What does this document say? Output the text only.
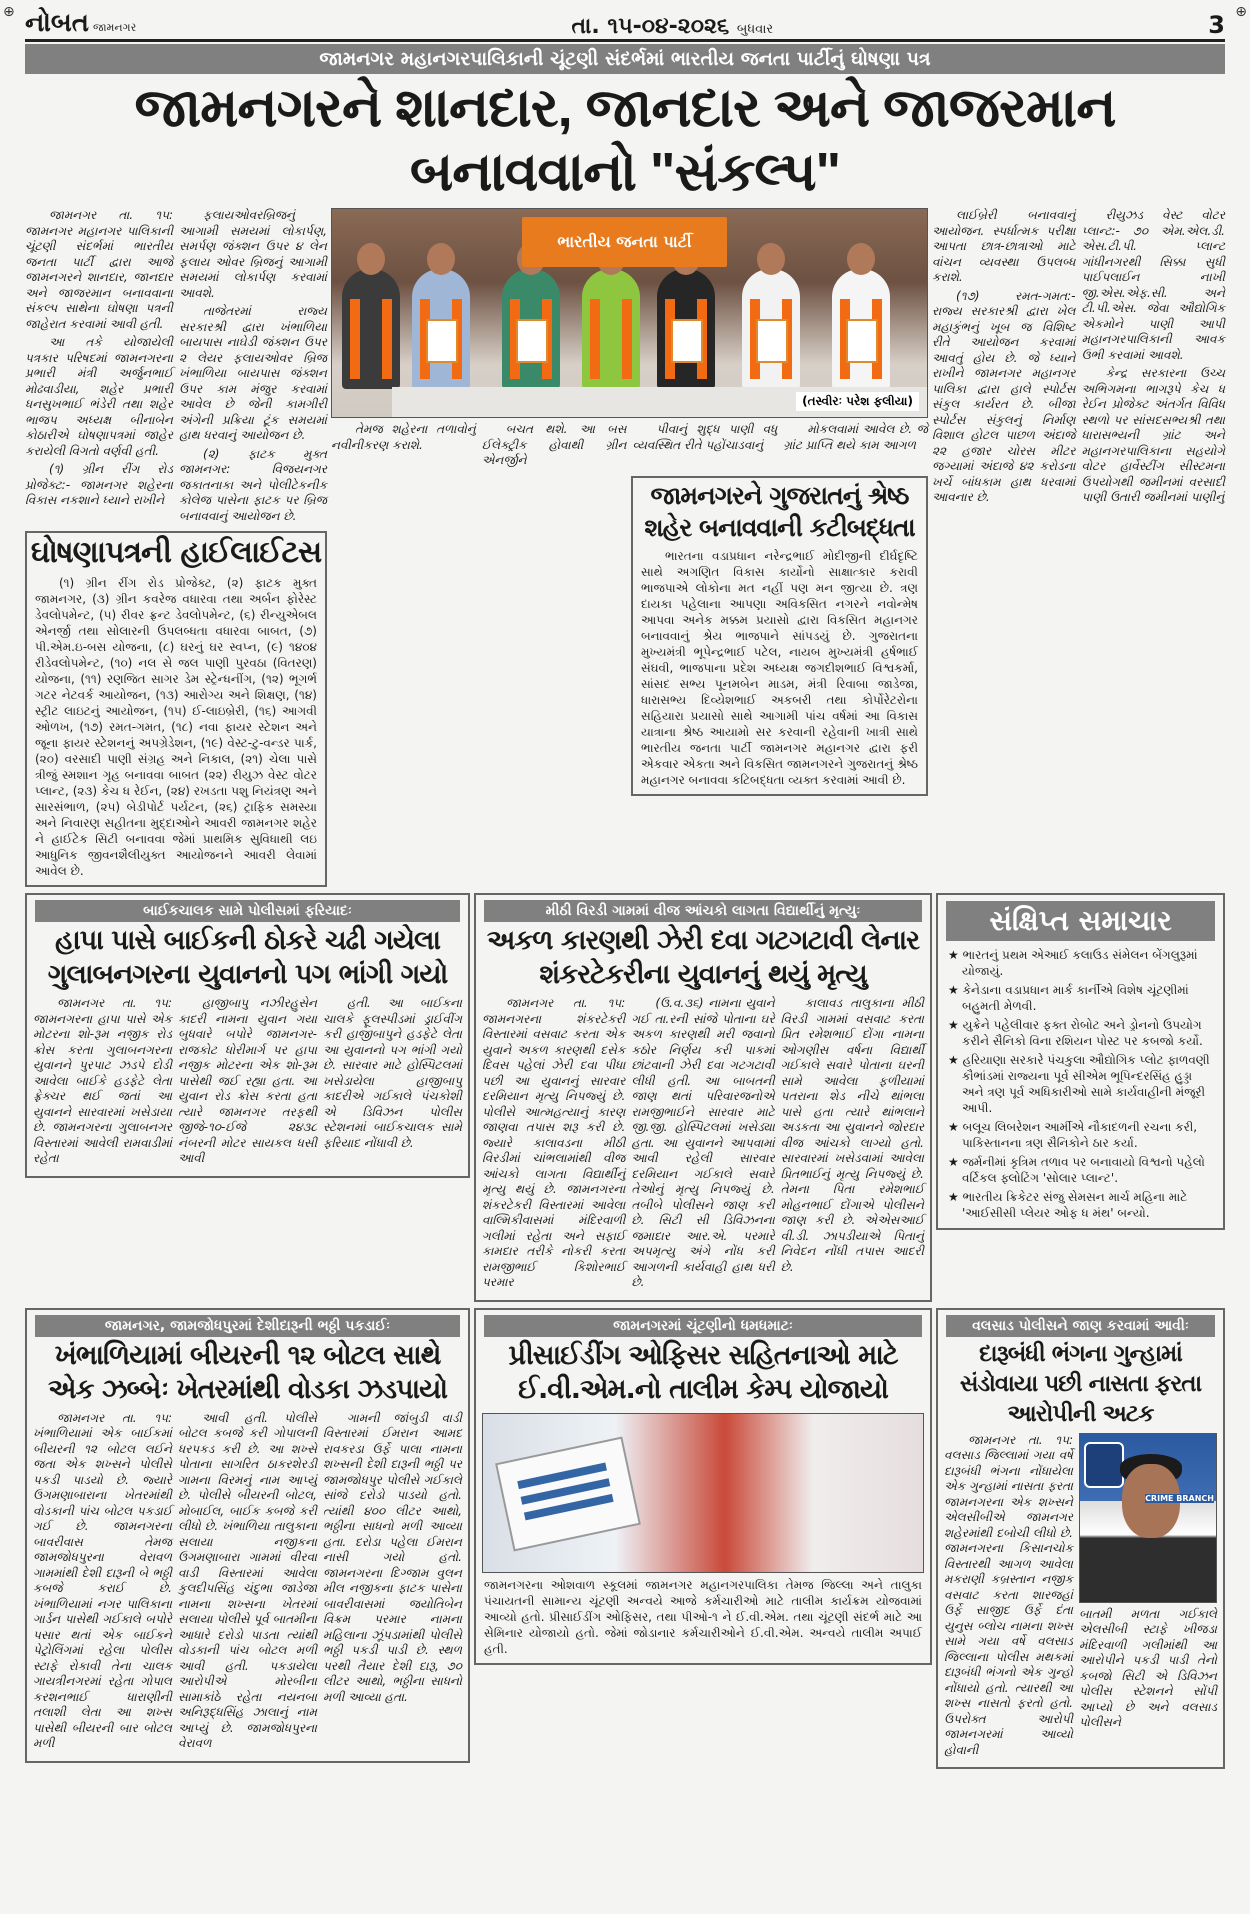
⊕ નોબત જામનગર	તા. ૧૫-૦૪-૨૦૨૬ બુધવાર	3 ⊕
જામનગર મહાનગરપાલિકાની ચૂંટણી સંદર્ભમાં ભારતીય જનતા પાર્ટીનું ઘોષણા પત્ર
જામનગરને શાનદાર, જાનદાર અને જાજરમાન બનાવવાનો "સંકલ્પ"

જામનગર તા. ૧૫: જામનગર મહાનગર પાલિકાની ચૂંટણી સંદર્ભમાં ભારતીય જનતા પાર્ટી દ્વારા આજે જામનગરને શાનદાર, જાનદાર અને જાજરમાન બનાવવાના સંકલ્પ સાથેના ઘોષણા પત્રની જાહેરાત કરવામાં આવી હતી.

આ તકે યોજાયેલી પત્રકાર પરિષદમાં જામનગરના પ્રભારી મંત્રી અર્જુનભાઈ મોઢવાડીયા, શહેર પ્રભારી ધનસુખભાઈ ભંડેરી તથા શહેર ભાજપ અધ્યક્ષ બીનાબેન કોઠારીએ ઘોષણાપત્રમાં જાહેર કરાયેલી વિગતો વર્ણવી હતી.

(૧) ગ્રીન રીંગ રોડ પ્રોજેક્ટ:- જામનગર શહેરના વિકાસ નકશાને ધ્યાને રાખીને

ફલાયઓવરબ્રિજનું આગામી સમયમાં લોકાર્પણ, સમર્પણ જંક્શન ઉપર ૪ લેન ફલાય ઓવર બ્રિજનું આગામી સમયમાં લોકાર્પણ કરવામાં આવશે.

તાજેતરમાં રાજ્ય સરકારશ્રી દ્વારા ખંભાળિયા બાયપાસ નાઘેડી જંક્શન ઉપર ૨ લેયર ફલાયઓવર બ્રિજ ખંભાળિયા બાયપાસ જંક્શન ઉપર કામ મંજુર કરવામાં આવેલ છે જેની કામગીરી અંગેની પ્રક્રિયા ટૂંક સમયમાં હાથ ધરવાનું આયોજન છે.

(૨) ફાટક મુક્ત જામનગર: વિજયનગર જકાતનાકા અને પોલીટેકનીક કોલેજ પાસેના ફાટક પર બ્રિજ બનાવવાનું આયોજન છે.

ઘોષણાપત્રની હાઈલાઈટસ

(૧) ગ્રીન રીંગ રોડ પ્રોજેક્ટ, (૨) ફાટક મુક્ત જામનગર, (૩) ગ્રીન કવરેજ વધારવા તથા અર્બન ફોરેસ્ટ ડેવલોપમેન્ટ, (૫) રીવર ફ્રન્ટ ડેવલોપમેન્ટ, (૬) રીન્યુએબલ એનર્જી તથા સોલારની ઉપલબ્ધતા વધારવા બાબત, (૭) પી.એમ.ઇ-બસ યોજના, (૮) ઘરનું ઘર સ્વપ્ન, (૯) ૧૪૦૪ રીડેવલોપમેન્ટ, (૧૦) નલ સે જલ પાણી પુરવઠા (વિતરણ) યોજના, (૧૧) રણજિત સાગર ડેમ સ્ટ્રેન્ધનીંગ, (૧૨) ભૂગર્ભ ગટર નેટવર્ક આયોજન, (૧૩) આરોગ્ય અને શિક્ષણ, (૧૪) સ્ટ્રીટ લાઇટનું આયોજન, (૧૫) ઈ-લાઇબ્રેરી, (૧૬) આગવી ઓળખ, (૧૭) રમત-ગમત, (૧૮) નવા ફાયર સ્ટેશન અને જૂના ફાયર સ્ટેશનનું અપગ્રેડેશન, (૧૯) વેસ્ટ-ટુ-વન્ડર પાર્ક, (૨૦) વરસાદી પાણી સંગ્રહ અને નિકાલ, (૨૧) ચેલા પાસે ત્રીજું સ્મશાન ગૃહ બનાવવા બાબત (૨૨) રીયુઝ વેસ્ટ વોટર પ્લાન્ટ, (૨૩) કેચ ધ રેઈન, (૨૪) રખડતા પશુ નિયંત્રણ અને સારસંભાળ, (૨૫) બેડીપોર્ટ પર્યટન, (૨૬) ટ્રાફિક સમસ્યા અને નિવારણ સહીતના મુદ્દાઓને આવરી જામનગર શહેર ને હાઈટેક સિટી બનાવવા જેમાં પ્રાથમિક સુવિધાથી લઇ આધુનિક જીવનશૈલીયુક્ત આયોજનને આવરી લેવામાં આવેલ છે.

ભારતીય જનતા પાર્ટી
(તસ્વીરઃ પરેશ ફલીયા)

તેમજ શહેરના તળાવોનું નવીનીકરણ કરાશે.

બચત થશે. આ બસ ઈલેક્ટ્રીક હોવાથી ગ્રીન એનર્જીને

પીવાનું શુદ્ધ પાણી વધુ વ્યવસ્થિત રીતે પહોંચાડવાનું

મોકલવામાં આવેલ છે. જે ગ્રાંટ પ્રાપ્તિ થયે કામ આગળ

જામનગરને ગુજરાતનું શ્રેષ્ઠ શહેર બનાવવાની કટીબદ્ધતા

ભારતના વડાપ્રધાન નરેન્દ્રભાઈ મોદીજીની દીર્ઘદૃષ્ટિ સાથે અગણિત વિકાસ કાર્યોનો સાક્ષાત્કાર કરાવી ભાજપાએ લોકોના મત નહીં પણ મન જીત્યા છે. ત્રણ દાયકા પહેલાના આપણા અવિકસિત નગરને નવોન્મેષ આપવા અનેક મક્કમ પ્રયાસો દ્વારા વિકસિત મહાનગર બનાવવાનું શ્રેય ભાજપાને સાંપડયું છે. ગુજરાતના મુખ્યમંત્રી ભૂપેન્દ્રભાઈ પટેલ, નાયબ મુખ્યમંત્રી હર્ષભાઈ સંઘવી, ભાજપાના પ્રદેશ અધ્યક્ષ જગદીશભાઈ વિશ્વકર્મા, સાંસદ સભ્ય પૂનમબેન માડમ, મંત્રી રિવાબા જાડેજા, ધારાસભ્ય દિવ્યેશભાઈ અકબરી તથા કોર્પોરેટરોના સહિયારા પ્રયાસો સાથે આગામી પાંચ વર્ષમાં આ વિકાસ યાત્રાના શ્રેષ્ઠ આયામો સર કરવાની રહેવાની ખાત્રી સાથે ભારતીય જનતા પાર્ટી જામનગર મહાનગર દ્વારા ફરી એકવાર એકતા અને વિકસિત જામનગરને ગુજરાતનું શ્રેષ્ઠ મહાનગર બનાવવા કટિબદ્ધતા વ્યક્ત કરવામાં આવી છે.

લાઈબ્રેરી બનાવવાનું આયોજન. સ્પર્ધાત્મક પરીક્ષા આપતા છાત્ર-છાત્રાઓ માટે વાંચન વ્યવસ્થા ઉપલબ્ધ કરાશે.

(૧૭) રમત-ગમત:- રાજ્ય સરકારશ્રી દ્વારા ખેલ મહાકુંભનું ખૂબ જ વિશિષ્ટ રીતે આયોજન કરવામાં આવતું હોય છે. જે ધ્યાને રાખીને જામનગર મહાનગર પાલિકા દ્વારા હાલે સ્પોર્ટસ સંકુલ કાર્યરત છે. બીજા સ્પોર્ટસ સંકુલનું નિર્માણ વિશાલ હોટલ પાછળ અંદાજે ૨૨ હજાર ચોરસ મીટર જગ્યામાં અંદાજે ૪૨ કરોડના ખર્ચે બાંધકામ હાથ ધરવામાં આવનાર છે.

રીયુઝડ વેસ્ટ વોટર પ્લાન્ટ:- ૭૦ એમ.એલ.ડી. એસ.ટી.પી. પ્લાન્ટ ગાંધીનગરથી સિક્કા સુધી પાઈપલાઈન નાખી જી.એસ.એફ.સી. અને ટી.પી.એસ. જેવા ઔદ્યોગિક એકમોને પાણી આપી મહાનગરપાલિકાની આવક ઉભી કરવામાં આવશે.

કેન્દ્ર સરકારના ઉચ્ચ અભિગમના ભાગરૂપે કેચ ધ રેઈન પ્રોજેક્ટ અંતર્ગત વિવિધ સ્થળો પર સાંસદસભ્યશ્રી તથા ધારાસભ્યની ગ્રાંટ અને મહાનગરપાલિકાના સહયોગે વોટર હાર્વેસ્ટીંગ સીસ્ટમના ઉપયોગથી જમીનમાં વરસાદી પાણી ઉતારી જમીનમાં પાણીનું

બાઈકચાલક સામે પોલીસમાં ફરિયાદઃ
હાપા પાસે બાઈકની ઠોકરે ચઢી ગયેલા ગુલાબનગરના યુવાનનો પગ ભાંગી ગયો

જામનગર તા. ૧૫: જામનગરના હાપા પાસે એક મોટરના શો-રૂમ નજીક રોડ ક્રોસ કરતા ગુલાબનગરના યુવાનને પુરપાટ ઝડપે દોડી આવેલા બાઈકે હડફેટે લેતા ફ્રેક્ચર થઈ જતાં આ યુવાનને સારવારમાં ખસેડાયા છે. જામનગરના ગુલાબનગર વિસ્તારમાં આવેલી રામવાડીમાં રહેતા

હાજીબાપુ નઝીરહુસેન કાદરી નામના યુવાન ગયા બુધવારે બપોરે જામનગર-રાજકોટ ધોરીમાર્ગ પર હાપા નજીક મોટરના એક શો-રૂમ પાસેથી જઈ રહ્યા હતા. આ યુવાન રોડ ક્રોસ કરતા હતા ત્યારે જામનગર તરફથી જીજે-૧૦-ઈજે ૨૪૩૮ નંબરની મોટર સાયકલ ધસી આવી

હતી. આ બાઈકના ચાલકે ફૂલસ્પીડમાં ડ્રાઈવીંગ કરી હાજીબાપુને હડફેટે લેતા આ યુવાનનો પગ ભાંગી ગયો છે. સારવાર માટે હોસ્પિટલમાં ખસેડાયેલા હાજીબાપુ કાદરીએ ગઈકાલે પંચકોશી એ ડિવિઝન પોલીસ સ્ટેશનમાં બાઈકચાલક સામે ફરિયાદ નોંધાવી છે.

મીઠી વિરડી ગામમાં વીજ આંચકો લાગતા વિદ્યાર્થીનું મૃત્યુઃ
અકળ કારણથી ઝેરી દવા ગટગટાવી લેનાર શંકરટેકરીના યુવાનનું થયું મૃત્યુ

જામનગર તા. ૧૫: જામનગરના શંકરટેકરી વિસ્તારમાં વસવાટ કરતા એક યુવાને અકળ કારણથી દસેક દિવસ પહેલાં ઝેરી દવા પીધા પછી આ યુવાનનું સારવાર દરમિયાન મૃત્યુ નિપજ્યું છે. પોલીસે આત્મહત્યાનું કારણ જાણવા તપાસ શરૂ કરી છે. જ્યારે કાલાવડના મીઠી વિરડીમાં ચાંભલામાંથી વીજ આંચકો લાગતા વિદ્યાર્થીનું મૃત્યુ થયું છે. જામનગરના શંકરટેકરી વિસ્તારમાં આવેલા વાલ્મિકીવાસમાં મંદિરવાળી ગલીમાં રહેતા અને સફાઈ કામદાર તરીકે નોકરી કરતા રામજીભાઈ કિશોરભાઈ પરમાર

(ઉ.વ.૩૬) નામના યુવાને ગઈ તા.રની સાંજે પોતાના ઘરે અકળ કારણથી મરી જવાનો કઠોર નિર્ણય કરી પાકમાં છાંટવાની ઝેરી દવા ગટગટાવી લીધી હતી. આ બાબતની જાણ થતાં પરિવારજનોએ રામજીભાઈને સારવાર માટે જી.જી. હોસ્પિટલમાં ખસેડ્યા હતા. આ યુવાનને આપવામાં આવી રહેલી સારવાર દરમિયાન ગઈકાલે સવારે તેઓનું મૃત્યુ નિપજ્યું છે. તબીબે પોલીસને જાણ કરી છે. સિટી સી ડિવિઝનના જમાદાર આર.એ. પરમારે અપમૃત્યુ અંગે નોંધ કરી આગળની કાર્યવાહી હાથ ધરી છે.

કાલાવડ તાલુકાના મીઠી વિરડી ગામમાં વસવાટ કરતા પ્રિત રમેશભાઈ દોંગા નામના ઓગણીસ વર્ષના વિદ્યાર્થી ગઈકાલે સવારે પોતાના ઘરની સામે આવેલા ફળીયામાં પતરાના શેડ નીચે થાંભલા પાસે હતા ત્યારે થાંભલાને અડકતા આ યુવાનને જોરદાર વીજ આંચકો લાગ્યો હતો. સારવારમાં ખસેડવામાં આવેલા પ્રિતભાઈનું મૃત્યુ નિપજ્યું છે. તેમના પિતા રમેશભાઈ મોહનભાઈ દોંગાએ પોલીસને જાણ કરી છે. એએસઆઈ વી.ડી. ઝાપડીયાએ પિતાનું નિવેદન નોંધી તપાસ આદરી છે.

સંક્ષિપ્ત સમાચાર
★ ભારતનું પ્રથમ એઆઈ કલાઉડ સંમેલન બેંગલુરૂમાં યોજાયું.
★ કેનેડાના વડાપ્રધાન માર્ક કાર્નીએ વિશેષ ચૂંટણીમાં બહુમતી મેળવી.
★ યુક્રેને પહેલીવાર ફક્ત રોબોટ અને ડ્રોનનો ઉપયોગ કરીને સૈનિકો વિના રશિયન પોસ્ટ પર કબજો કર્યો.
★ હરિયાણા સરકારે પંચકુલા ઔદ્યોગિક પ્લોટ ફાળવણી કૌભાંડમાં રાજ્યના પૂર્વ સીએમ ભૂપિન્દરસિંહ હુડ્ડા અને ત્રણ પૂર્વ અધિકારીઓ સામે કાર્યવાહીની મંજૂરી આપી.
★ બલૂચ લિબરેશન આર્મીએ નૌકાદળની રચના કરી, પાકિસ્તાનના ત્રણ સૈનિકોને ઠાર કર્યા.
★ જર્મનીમાં કૃત્રિમ તળાવ પર બનાવાયો વિશ્વનો પહેલો વર્ટિકલ ફ્લોટિંગ 'સોલાર પ્લાન્ટ'.
★ ભારતીય ક્રિકેટર સંજુ સેમસન માર્ચ મહિના માટે 'આઈસીસી પ્લેયર ઓફ ધ મંથ' બન્યો.
જામનગર, જામજોધપુરમાં દેશીદારૂની ભઠ્ઠી પકડાઈઃ
ખંભાળિયામાં બીયરની ૧૨ બોટલ સાથે એક ઝબ્બેઃ ખેતરમાંથી વોડકા ઝડપાયો

જામનગર તા. ૧૫: ખંભાળિયામાં એક બાઈકમાં બીયરની ૧૨ બોટલ લઈને જતા એક શખ્સને પોલીસે પકડી પાડયો છે. જ્યારે ઉગમણાબારાના ખેતરમાંથી વોડકાની પાંચ બોટલ પકડાઈ ગઈ છે. જામનગરના બાવરીવાસ તેમજ જામજોધપુરના વેરાવળ ગામમાંથી દેશી દારૂની બે ભઠ્ઠી કબજે કરાઈ છે. ખંભાળિયામાં નગર પાલિકાના ગાર્ડન પાસેથી ગઈકાલે બપોરે પસાર થતાં એક બાઈકને પેટ્રોલિંગમાં રહેલા પોલીસ સ્ટાફે રોકાવી તેના ચાલક ગાયત્રીનગરમાં રહેતા ગોપાલ કરશનભાઈ ધારાણીની તલાશી લેતા આ શખ્સ પાસેથી બીયરની બાર બોટલ મળી

આવી હતી. પોલીસે બોટલ કબજે કરી ગોપાલની ધરપકડ કરી છે. આ શખ્સે પોતાના સાગરિત ઠાકરશેરડી ગામના વિરમનું નામ આપ્યું છે. પોલીસે બીયરની બોટલ, મોબાઈલ, બાઈક કબજે કરી લીધો છે. ખંભાળિયા તાલુકાના સલાયા નજીકના ઉગમણાબારા ગામમાં વીરવા વાડી વિસ્તારમાં આવેલા કુલદીપસિંહ ચંદુભા જાડેજા નામના શખ્સના ખેતરમાં સલાયા પોલીસે પૂર્વ બાતમીના આધારે દરોડો પાડતા ત્યાંથી વોડકાની પાંચ બોટલ મળી આવી હતી. પકડાયેલા આરોપીએ મોરબીના સામાકાંઠે રહેતા નયનબા અનિરૂદ્ધસિંહ ઝાલાનું નામ આપ્યું છે. જામજોધપુરના વેરાવળ

ગામની જાંબુડી વાડી વિસ્તારમાં ઈમરાન આમદ રાવકરડા ઉર્ફે પાલા નામના શખ્સની દેશી દારૂની ભઠ્ઠી પર જામજોધપુર પોલીસે ગઈકાલે સાંજે દરોડો પાડયો હતો. ત્યાંથી ૪૦૦ લીટર આથો, ભઠ્ઠીના સાધનો મળી આવ્યા હતા. દરોડા પહેલા ઈમરાન નાસી ગયો હતો. જામનગરના દિગ્જામ વુલન મીલ નજીકના ફાટક પાસેના બાવરીવાસમાં જયોતિબેન વિક્રમ પરમાર નામના મહિલાના ઝૂંપડામાંથી પોલીસે ભઠ્ઠી પકડી પાડી છે. સ્થળ પરથી તૈયાર દેશી દારૂ, ૭૦ લીટર આથો, ભઠ્ઠીના સાધનો મળી આવ્યા હતા.

જામનગરમાં ચૂંટણીનો ધમધમાટઃ
પ્રીસાઈડીંગ ઓફિસર સહિતનાઓ માટે ઈ.વી.એમ.નો તાલીમ કેમ્પ યોજાયો
જામનગરના ઓશવાળ સ્કૂલમાં જામનગર મહાનગરપાલિકા તેમજ જિલ્લા અને તાલુકા પંચાયતની સામાન્ય ચૂંટણી અન્વયે આજે કર્મચારીઓ માટે તાલીમ કાર્યક્રમ યોજવામાં આવ્યો હતો. પ્રીસાઈડીંગ ઓફિસર, તથા પીઓ-૧ ને ઈ.વી.એમ. તથા ચૂંટણી સંદર્ભ માટે આ સેમિનાર યોજાયો હતો. જેમાં જોડાનાર કર્મચારીઓને ઈ.વી.એમ. અન્વયે તાલીમ અપાઈ હતી.
વલસાડ પોલીસને જાણ કરવામાં આવીઃ
દારૂબંધી ભંગના ગુન્હામાં સંડોવાયા પછી નાસતા ફરતા આરોપીની અટક

જામનગર તા. ૧૫: વલસાડ જિલ્લામાં ગયા વર્ષે દારૂબંધી ભંગના નોંધાયેલા એક ગુન્હામાં નાસતા ફરતા જામનગરના એક શખ્સને એલસીબીએ જામનગર શહેરમાંથી દબોચી લીધો છે. જામનગરના કિસાનચોક વિસ્તારથી આગળ આવેલા મકરાણી કબ્રસ્તાન નજીક વસવાટ કરતા શારજહાં ઉર્ફે સાજીદ ઉર્ફે દંતા યુનુસ બ્લોચ નામના શખ્સ સામે ગયા વર્ષે વલસાડ જિલ્લાના પોલીસ મથકમાં દારૂબંધી ભંગનો એક ગુન્હો નોંધાયો હતો. ત્યારથી આ શખ્સ નાસતો ફરતો હતો. ઉપરોક્ત આરોપી જામનગરમાં આવ્યો હોવાની

CRIME BRANCH

બાતમી મળતા ગઈકાલે એલસીબી સ્ટાફે ખીજડા મંદિરવાળી ગલીમાંથી આ આરોપીને પકડી પાડી તેનો કબજો સિટી એ ડિવિઝન પોલીસ સ્ટેશનને સોંપી આપ્યો છે અને વલસાડ પોલીસને
